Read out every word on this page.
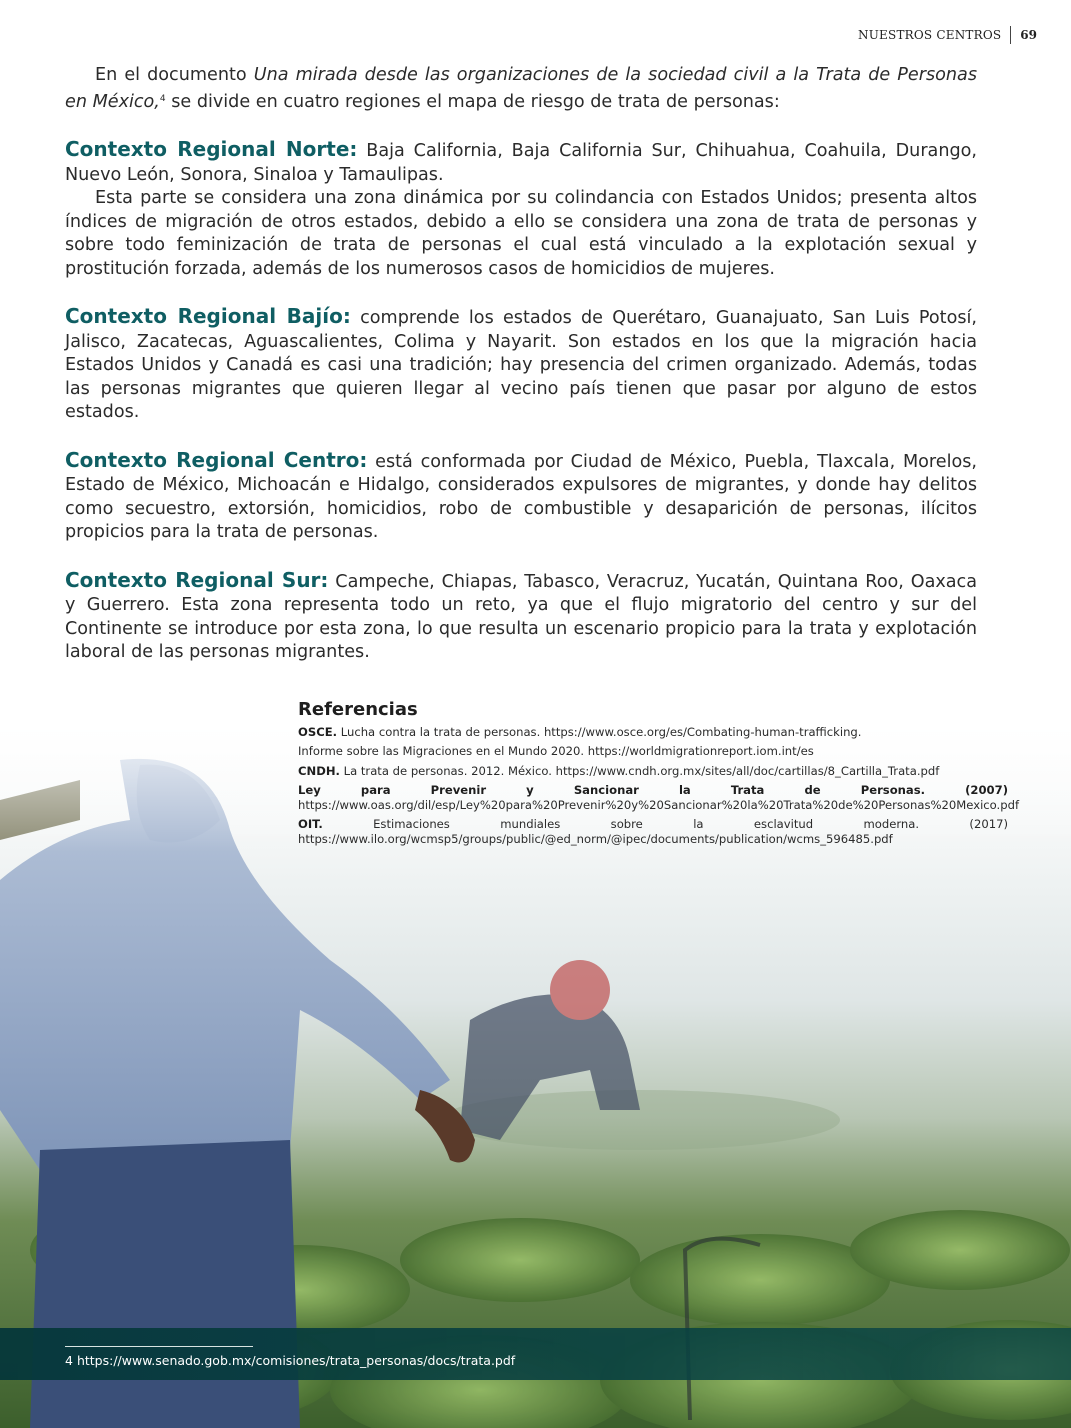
NUESTROS CENTROS 69

En el documento Una mirada desde las organizaciones de la sociedad civil a la Trata de Personas en México,$^4$ se divide en cuatro regiones el mapa de riesgo de trata de personas:

Contexto Regional Norte: Baja California, Baja California Sur, Chihuahua, Coahuila, Durango, Nuevo León, Sonora, Sinaloa y Tamaulipas.

Esta parte se considera una zona dinámica por su colindancia con Estados Unidos; presenta altos índices de migración de otros estados, debido a ello se considera una zona de trata de personas y sobre todo feminización de trata de personas el cual está vinculado a la explotación sexual y prostitución forzada, además de los numerosos casos de homicidios de mujeres.

Contexto Regional Bajío: comprende los estados de Querétaro, Guanajuato, San Luis Potosí, Jalisco, Zacatecas, Aguascalientes, Colima y Nayarit. Son estados en los que la migración hacia Estados Unidos y Canadá es casi una tradición; hay presencia del crimen organizado. Además, todas las personas migrantes que quieren llegar al vecino país tienen que pasar por alguno de estos estados.

Contexto Regional Centro: está conformada por Ciudad de México, Puebla, Tlaxcala, Morelos, Estado de México, Michoacán e Hidalgo, considerados expulsores de migrantes, y donde hay delitos como secuestro, extorsión, homicidios, robo de combustible y desaparición de personas, ilícitos propicios para la trata de personas.

Contexto Regional Sur: Campeche, Chiapas, Tabasco, Veracruz, Yucatán, Quintana Roo, Oaxaca y Guerrero. Esta zona representa todo un reto, ya que el flujo migratorio del centro y sur del Continente se introduce por esta zona, lo que resulta un escenario propicio para la trata y explotación laboral de las personas migrantes.

Referencias

OSCE. Lucha contra la trata de personas. https://www.osce.org/es/Combating-human-trafficking.

Informe sobre las Migraciones en el Mundo 2020. https://worldmigrationreport.iom.int/es

CNDH. La trata de personas. 2012. México. https://www.cndh.org.mx/sites/all/doc/cartillas/8_Cartilla_Trata.pdf

Ley para Prevenir y Sancionar la Trata de Personas. (2007) https://www.oas.org/dil/esp/Ley%20para%20Prevenir%20y%20Sancionar%20la%20Trata%20de%20Personas%20Mexico.pdf

OIT. Estimaciones mundiales sobre la esclavitud moderna. (2017) https://www.ilo.org/wcmsp5/groups/public/@ed_norm/@ipec/documents/publication/wcms_596485.pdf

4 https://www.senado.gob.mx/comisiones/trata_personas/docs/trata.pdf
